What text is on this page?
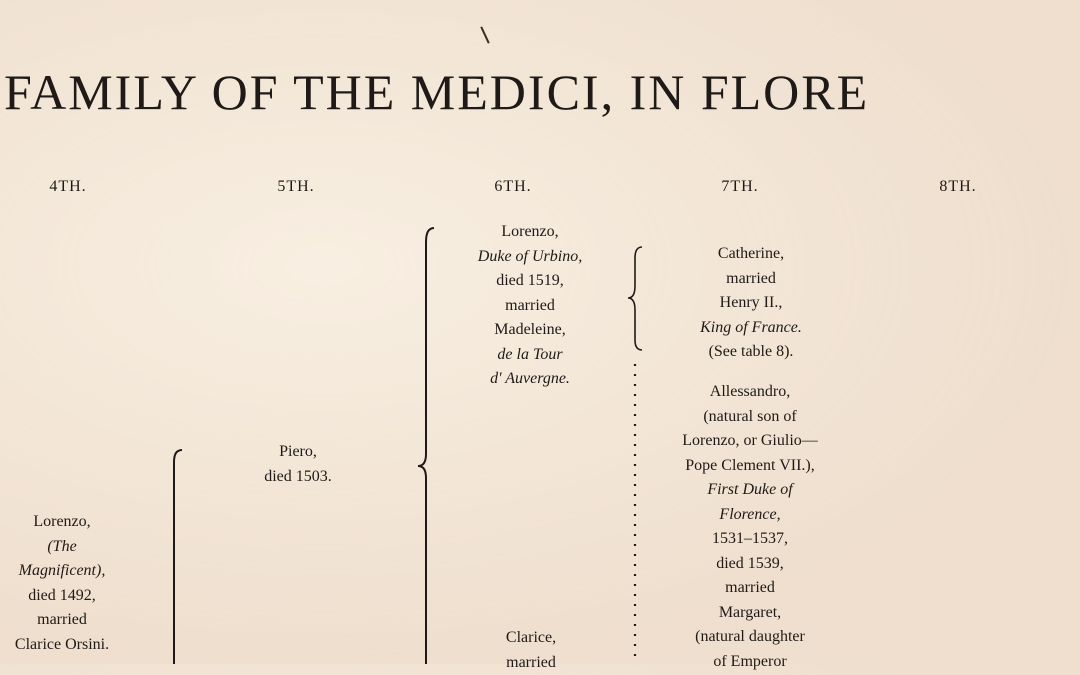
FAMILY OF THE MEDICI, IN FLORE
4TH.	5TH.	6TH.	7TH.	8TH.
Lorenzo,
(The
Magnificent),
died 1492,
married
Clarice Orsini.
Piero,
died 1503.
Lorenzo,
Duke of Urbino,
died 1519,
married
Madeleine,
de la Tour
d' Auvergne.
Clarice,
married
Catherine,
married
Henry II.,
King of France.
(See table 8).
Allessandro,
(natural son of
Lorenzo, or Giulio—
Pope Clement VII.),
First Duke of
Florence,
1531–1537,
died 1539,
married
Margaret,
(natural daughter
of Emperor
